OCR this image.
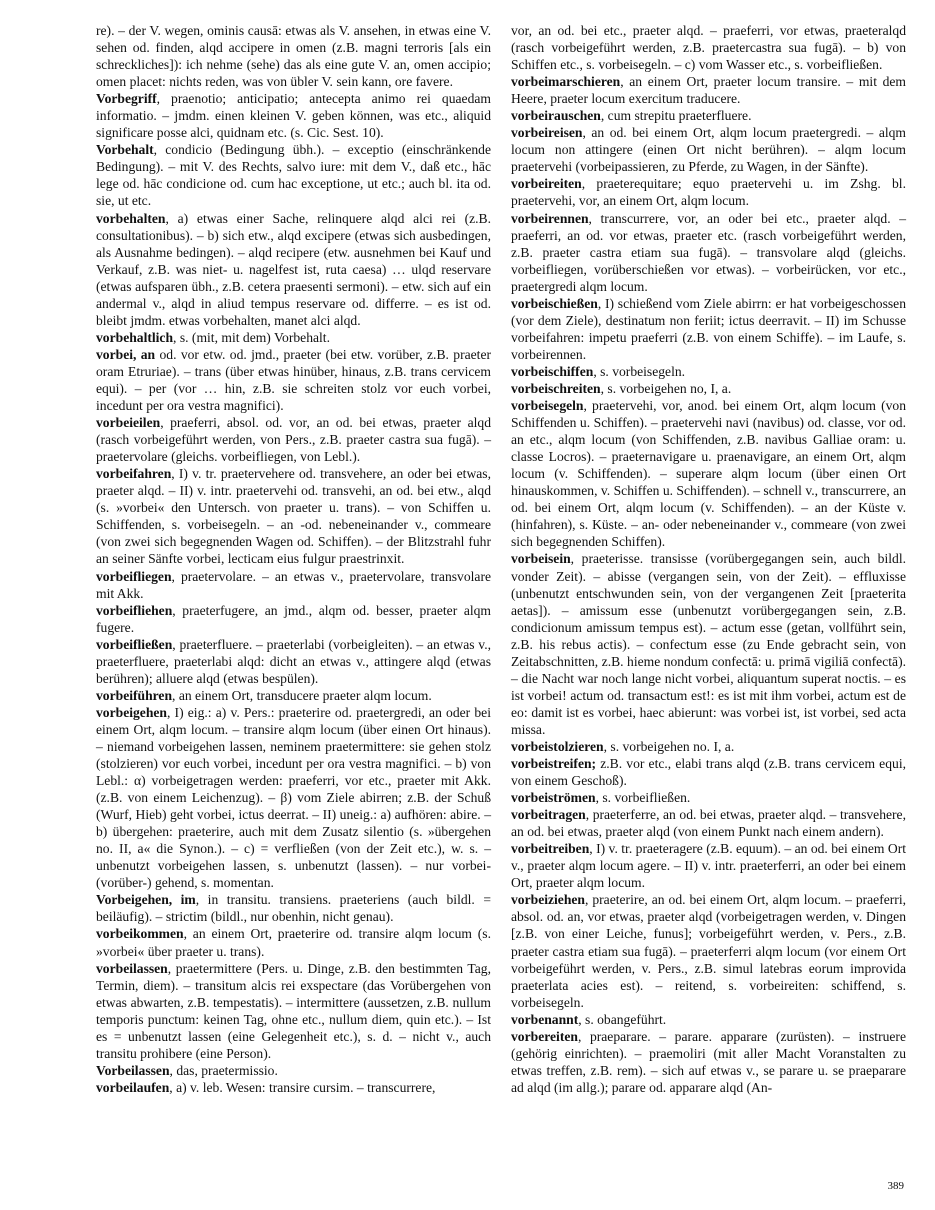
re). – der V. wegen, ominis causā: etwas als V. ansehen, in etwas eine V. sehen od. finden, alqd accipere in omen (z.B. magni terroris [als ein schreckliches]): ich nehme (sehe) das als eine gute V. an, omen accipio; omen placet: nichts reden, was von übler V. sein kann, ore favere.

Vorbegriff, praenotio; anticipatio; antecepta animo rei quaedam informatio. – jmdm. einen kleinen V. geben können, was etc., aliquid significare posse alci, quidnam etc. (s. Cic. Sest. 10).

Vorbehalt, condicio (Bedingung übh.). – exceptio (einschränkende Bedingung). – mit V. des Rechts, salvo iure: mit dem V., daß etc., hāc lege od. hāc condicione od. cum hac exceptione, ut etc.; auch bl. ita od. sie, ut etc.

vorbehalten, a) etwas einer Sache, relinquere alqd alci rei (z.B. consultationibus). – b) sich etw., alqd excipere (etwas sich ausbedingen, als Ausnahme bedingen). – alqd recipere (etw. ausnehmen bei Kauf und Verkauf, z.B. was niet- u. nagelfest ist, ruta caesa) … ulqd reservare (etwas aufsparen übh., z.B. cetera praesenti sermoni). – etw. sich auf ein andermal v., alqd in aliud tempus reservare od. differre. – es ist od. bleibt jmdm. etwas vorbehalten, manet alci alqd.

vorbehaltlich, s. (mit, mit dem) Vorbehalt.

vorbei, an od. vor etw. od. jmd., praeter (bei etw. vorüber, z.B. praeter oram Etruriae). – trans (über etwas hinüber, hinaus, z.B. trans cervicem equi). – per (vor … hin, z.B. sie schreiten stolz vor euch vorbei, incedunt per ora vestra magnifici).

vorbeieilen, praeferri, absol. od. vor, an od. bei etwas, praeter alqd (rasch vorbeigeführt werden, von Pers., z.B. praeter castra sua fugā). – praetervolare (gleichs. vorbeifliegen, von Lebl.).

vorbeifahren, I) v. tr. praetervehere od. transvehere, an oder bei etwas, praeter alqd. – II) v. intr. praetervehi od. transvehi, an od. bei etw., alqd (s. »vorbei« den Untersch. von praeter u. trans). – von Schiffen u. Schiffenden, s. vorbeisegeln. – an -od. nebeneinander v., commeare (von zwei sich begegnenden Wagen od. Schiffen). – der Blitzstrahl fuhr an seiner Sänfte vorbei, lecticam eius fulgur praestrinxit.

vorbeifliegen, praetervolare. – an etwas v., praetervolare, transvolare mit Akk.

vorbeifliehen, praeterfugere, an jmd., alqm od. besser, praeter alqm fugere.

vorbeifließen, praeterfluere. – praeterlabi (vorbeigleiten). – an etwas v., praeterfluere, praeterlabi alqd: dicht an etwas v., attingere alqd (etwas berühren); alluere alqd (etwas bespülen).

vorbeiführen, an einem Ort, transducere praeter alqm locum.

vorbeigehen, I) eig.: a) v. Pers.: praeterire od. praetergredi, an oder bei einem Ort, alqm locum. – transire alqm locum (über einen Ort hinaus). – niemand vorbeigehen lassen, neminem praetermittere: sie gehen stolz (stolzieren) vor euch vorbei, incedunt per ora vestra magnifici. – b) von Lebl.: α) vorbeigetragen werden: praeferri, vor etc., praeter mit Akk. (z.B. von einem Leichenzug). – β) vom Ziele abirren; z.B. der Schuß (Wurf, Hieb) geht vorbei, ictus deerrat. – II) uneig.: a) aufhören: abire. – b) übergehen: praeterire, auch mit dem Zusatz silentio (s. »übergehen no. II, a« die Synon.). – c) = verfließen (von der Zeit etc.), w. s. – unbenutzt vorbeigehen lassen, s. unbenutzt (lassen). – nur vorbei- (vorüber-) gehend, s. momentan.

Vorbeigehen, im, in transitu. transiens. praeteriens (auch bildl. = beiläufig). – strictim (bildl., nur obenhin, nicht genau).

vorbeikommen, an einem Ort, praeterire od. transire alqm locum (s. »vorbei« über praeter u. trans).

vorbeilassen, praetermittere (Pers. u. Dinge, z.B. den bestimmten Tag, Termin, diem). – transitum alcis rei exspectare (das Vorübergehen von etwas abwarten, z.B. tempestatis). – intermittere (aussetzen, z.B. nullum temporis punctum: keinen Tag, ohne etc., nullum diem, quin etc.). – Ist es = unbenutzt lassen (eine Gelegenheit etc.), s. d. – nicht v., auch transitu prohibere (eine Person).

Vorbeilassen, das, praetermissio.

vorbeilaufen, a) v. leb. Wesen: transire cursim. – transcurrere,

vor, an od. bei etc., praeter alqd. – praeferri, vor etwas, praeteralqd (rasch vorbeigeführt werden, z.B. praetercastra sua fugā). – b) von Schiffen etc., s. vorbeisegeln. – c) vom Wasser etc., s. vorbeifließen.

vorbeimarschieren, an einem Ort, praeter locum transire. – mit dem Heere, praeter locum exercitum traducere.

vorbeirauschen, cum strepitu praeterfluere.

vorbeireisen, an od. bei einem Ort, alqm locum praetergredi. – alqm locum non attingere (einen Ort nicht berühren). – alqm locum praetervehi (vorbeipassieren, zu Pferde, zu Wagen, in der Sänfte).

vorbeireiten, praeterequitare; equo praetervehi u. im Zshg. bl. praetervehi, vor, an einem Ort, alqm locum.

vorbeirennen, transcurrere, vor, an oder bei etc., praeter alqd. – praeferri, an od. vor etwas, praeter etc. (rasch vorbeigeführt werden, z.B. praeter castra etiam sua fugā). – transvolare alqd (gleichs. vorbeifliegen, vorüberschießen vor etwas). – vorbeirücken, vor etc., praetergredi alqm locum.

vorbeischießen, I) schießend vom Ziele abirrn: er hat vorbeigeschossen (vor dem Ziele), destinatum non feriit; ictus deerravit. – II) im Schusse vorbeifahren: impetu praeferri (z.B. von einem Schiffe). – im Laufe, s. vorbeirennen.

vorbeischiffen, s. vorbeisegeln.

vorbeischreiten, s. vorbeigehen no, I, a.

vorbeisegeln, praetervehi, vor, anod. bei einem Ort, alqm locum (von Schiffenden u. Schiffen). – praetervehi navi (navibus) od. classe, vor od. an etc., alqm locum (von Schiffenden, z.B. navibus Galliae oram: u. classe Locros). – praeternavigare u. praenavigare, an einem Ort, alqm locum (v. Schiffenden). – superare alqm locum (über einen Ort hinauskommen, v. Schiffen u. Schiffenden). – schnell v., transcurrere, an od. bei einem Ort, alqm locum (v. Schiffenden). – an der Küste v. (hinfahren), s. Küste. – an- oder nebeneinander v., commeare (von zwei sich begegnenden Schiffen).

vorbeisein, praeterisse. transisse (vorübergegangen sein, auch bildl. vonder Zeit). – abisse (vergangen sein, von der Zeit). – effluxisse (unbenutzt entschwunden sein, von der vergangenen Zeit [praeterita aetas]). – amissum esse (unbenutzt vorübergegangen sein, z.B. condicionum amissum tempus est). – actum esse (getan, vollführt sein, z.B. his rebus actis). – confectum esse (zu Ende gebracht sein, von Zeitabschnitten, z.B. hieme nondum confectā: u. primā vigiliā confectā). – die Nacht war noch lange nicht vorbei, aliquantum superat noctis. – es ist vorbei! actum od. transactum est!: es ist mit ihm vorbei, actum est de eo: damit ist es vorbei, haec abierunt: was vorbei ist, ist vorbei, sed acta missa.

vorbeistolzieren, s. vorbeigehen no. I, a.

vorbeistreifen; z.B. vor etc., elabi trans alqd (z.B. trans cervicem equi, von einem Geschoß).

vorbeiströmen, s. vorbeifließen.

vorbeitragen, praeterferre, an od. bei etwas, praeter alqd. – transvehere, an od. bei etwas, praeter alqd (von einem Punkt nach einem andern).

vorbeitreiben, I) v. tr. praeteragere (z.B. equum). – an od. bei einem Ort v., praeter alqm locum agere. – II) v. intr. praeterferri, an oder bei einem Ort, praeter alqm locum.

vorbeiziehen, praeterire, an od. bei einem Ort, alqm locum. – praeferri, absol. od. an, vor etwas, praeter alqd (vorbeigetragen werden, v. Dingen [z.B. von einer Leiche, funus]; vorbeigeführt werden, v. Pers., z.B. praeter castra etiam sua fugā). – praeterferri alqm locum (vor einem Ort vorbeigeführt werden, v. Pers., z.B. simul latebras eorum improvida praeterlata acies est). – reitend, s. vorbeireiten: schiffend, s. vorbeisegeln.

vorbenannt, s. obangeführt.

vorbereiten, praeparare. – parare. apparare (zurüsten). – instruere (gehörig einrichten). – praemoliri (mit aller Macht Voranstalten zu etwas treffen, z.B. rem). – sich auf etwas v., se parare u. se praeparare ad alqd (im allg.); parare od. apparare alqd (An-

389
